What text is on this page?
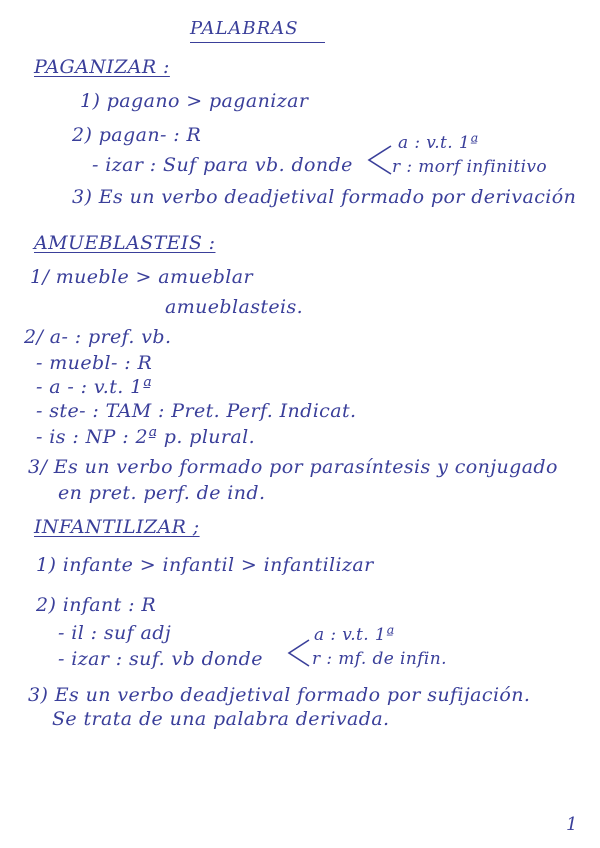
PALABRAS
PAGANIZAR :
1) pagano > paganizar
2) pagan- : R
- izar : Suf para vb. donde
a : v.t. 1ª
r : morf infinitivo
3) Es un verbo deadjetival formado por derivación
AMUEBLASTEIS :
1/ mueble > amueblar
amueblasteis.
2/ a- : pref. vb.
- muebl- : R
- a - : v.t. 1ª
- ste- : TAM : Pret. Perf. Indicat.
- is : NP : 2ª p. plural.
3/ Es un verbo formado por parasíntesis y conjugado
en pret. perf. de ind.
INFANTILIZAR ;
1) infante > infantil > infantilizar
2) infant : R
- il : suf adj
- izar : suf. vb donde
a : v.t. 1ª
r : mf. de infin.
3) Es un verbo deadjetival formado por sufijación.
Se trata de una palabra derivada.
1
